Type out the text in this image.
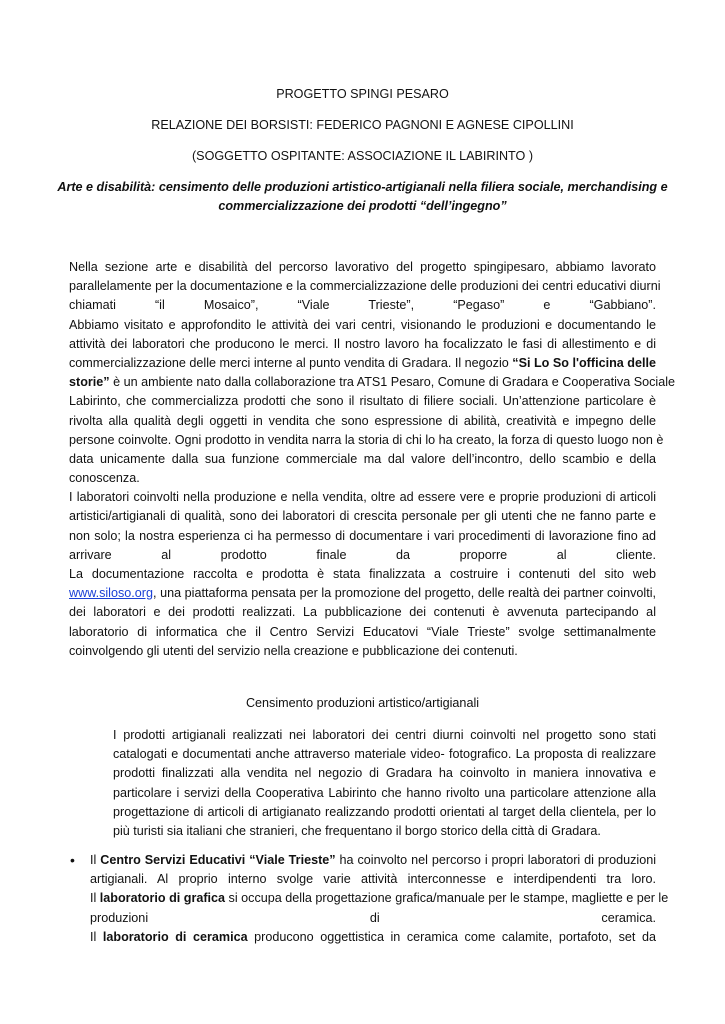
PROGETTO SPINGI PESARO
RELAZIONE DEI BORSISTI: FEDERICO PAGNONI E AGNESE CIPOLLINI
(SOGGETTO OSPITANTE: ASSOCIAZIONE IL LABIRINTO )
Arte e disabilità: censimento delle produzioni artistico-artigianali nella filiera sociale, merchandising e
commercializzazione dei prodotti “dell’ingegno”
Nella sezione arte e disabilità del percorso lavorativo del progetto spingipesaro, abbiamo lavorato
parallelamente per la documentazione e la commercializzazione delle produzioni dei centri educativi diurni
chiamati “il Mosaico”, “Viale Trieste”, “Pegaso” e “Gabbiano”.
Abbiamo visitato e approfondito le attività dei vari centri, visionando le produzioni e documentando le
attività dei laboratori che producono le merci. Il nostro lavoro ha focalizzato le fasi di allestimento e di
commercializzazione delle merci interne al punto vendita di Gradara. Il negozio “Si Lo So l'officina delle
storie” è un ambiente nato dalla collaborazione tra ATS1 Pesaro, Comune di Gradara e Cooperativa Sociale
Labirinto, che commercializza prodotti che sono il risultato di filiere sociali. Un’attenzione particolare è
rivolta alla qualità degli oggetti in vendita che sono espressione di abilità, creatività e impegno delle
persone coinvolte. Ogni prodotto in vendita narra la storia di chi lo ha creato, la forza di questo luogo non è
data unicamente dalla sua funzione commerciale ma dal valore dell’incontro, dello scambio e della
conoscenza.
I laboratori coinvolti nella produzione e nella vendita, oltre ad essere vere e proprie produzioni di articoli
artistici/artigianali di qualità, sono dei laboratori di crescita personale per gli utenti che ne fanno parte e
non solo; la nostra esperienza ci ha permesso di documentare i vari procedimenti di lavorazione fino ad
arrivare al prodotto finale da proporre al cliente.
La documentazione raccolta e prodotta è stata finalizzata a costruire i contenuti del sito web
www.siloso.org, una piattaforma pensata per la promozione del progetto, delle realtà dei partner coinvolti,
dei laboratori e dei prodotti realizzati. La pubblicazione dei contenuti è avvenuta partecipando al
laboratorio di informatica che il Centro Servizi Educatovi “Viale Trieste” svolge settimanalmente
coinvolgendo gli utenti del servizio nella creazione e pubblicazione dei contenuti.
Censimento produzioni artistico/artigianali
I prodotti artigianali realizzati nei laboratori dei centri diurni coinvolti nel progetto sono stati
catalogati e documentati anche attraverso materiale video- fotografico. La proposta di realizzare
prodotti finalizzati alla vendita nel negozio di Gradara ha coinvolto in maniera innovativa e
particolare i servizi della Cooperativa Labirinto che hanno rivolto una particolare attenzione alla
progettazione di articoli di artigianato realizzando prodotti orientati al target della clientela, per lo
più turisti sia italiani che stranieri, che frequentano il borgo storico della città di Gradara.
• Il Centro Servizi Educativi “Viale Trieste” ha coinvolto nel percorso i propri laboratori di produzioni
artigianali. Al proprio interno svolge varie attività interconnesse e interdipendenti tra loro.
Il laboratorio di grafica si occupa della progettazione grafica/manuale per le stampe, magliette e per le
produzioni di ceramica.
Il laboratorio di ceramica producono oggettistica in ceramica come calamite, portafoto, set da
